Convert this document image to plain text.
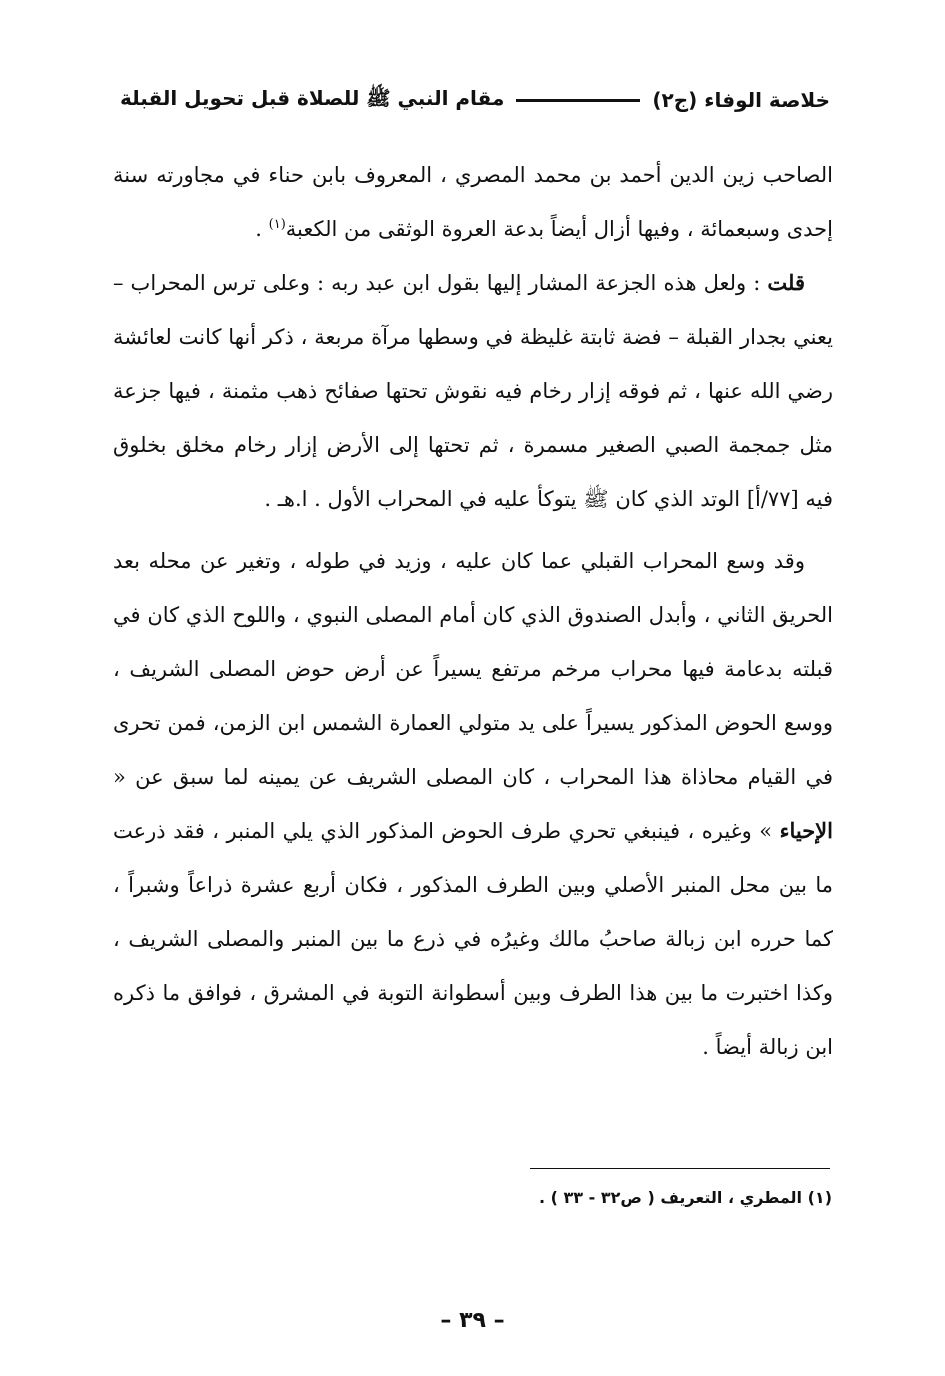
خلاصة الوفاء (ج٢)
مقام النبي ﷺ للصلاة قبل تحويل القبلة

الصاحب زين الدين أحمد بن محمد المصري ، المعروف بابن حناء في مجاورته سنة إحدى وسبعمائة ، وفيها أزال أيضاً بدعة العروة الوثقى من الكعبة$^{(١)}$ .

قلت : ولعل هذه الجزعة المشار إليها بقول ابن عبد ربه : وعلى ترس المحراب – يعني بجدار القبلة – فضة ثابتة غليظة في وسطها مرآة مربعة ، ذكر أنها كانت لعائشة رضي الله عنها ، ثم فوقه إزار رخام فيه نقوش تحتها صفائح ذهب مثمنة ، فيها جزعة مثل جمجمة الصبي الصغير مسمرة ، ثم تحتها إلى الأرض إزار رخام مخلق بخلوق فيه [٧٧/أ] الوتد الذي كان ﷺ يتوكأ عليه في المحراب الأول . ا.هـ .

وقد وسع المحراب القبلي عما كان عليه ، وزيد في طوله ، وتغير عن محله بعد الحريق الثاني ، وأبدل الصندوق الذي كان أمام المصلى النبوي ، واللوح الذي كان في قبلته بدعامة فيها محراب مرخم مرتفع يسيراً عن أرض حوض المصلى الشريف ، ووسع الحوض المذكور يسيراً على يد متولي العمارة الشمس ابن الزمن، فمن تحرى في القيام محاذاة هذا المحراب ، كان المصلى الشريف عن يمينه لما سبق عن « الإحياء » وغيره ، فينبغي تحري طرف الحوض المذكور الذي يلي المنبر ، فقد ذرعت ما بين محل المنبر الأصلي وبين الطرف المذكور ، فكان أربع عشرة ذراعاً وشبراً ، كما حرره ابن زبالة صاحبُ مالك وغيرُه في ذرع ما بين المنبر والمصلى الشريف ، وكذا اختبرت ما بين هذا الطرف وبين أسطوانة التوبة في المشرق ، فوافق ما ذكره ابن زبالة أيضاً .

(١) المطري ، التعريف ( ص٣٢ - ٣٣ ) .
– ٣٩ –
